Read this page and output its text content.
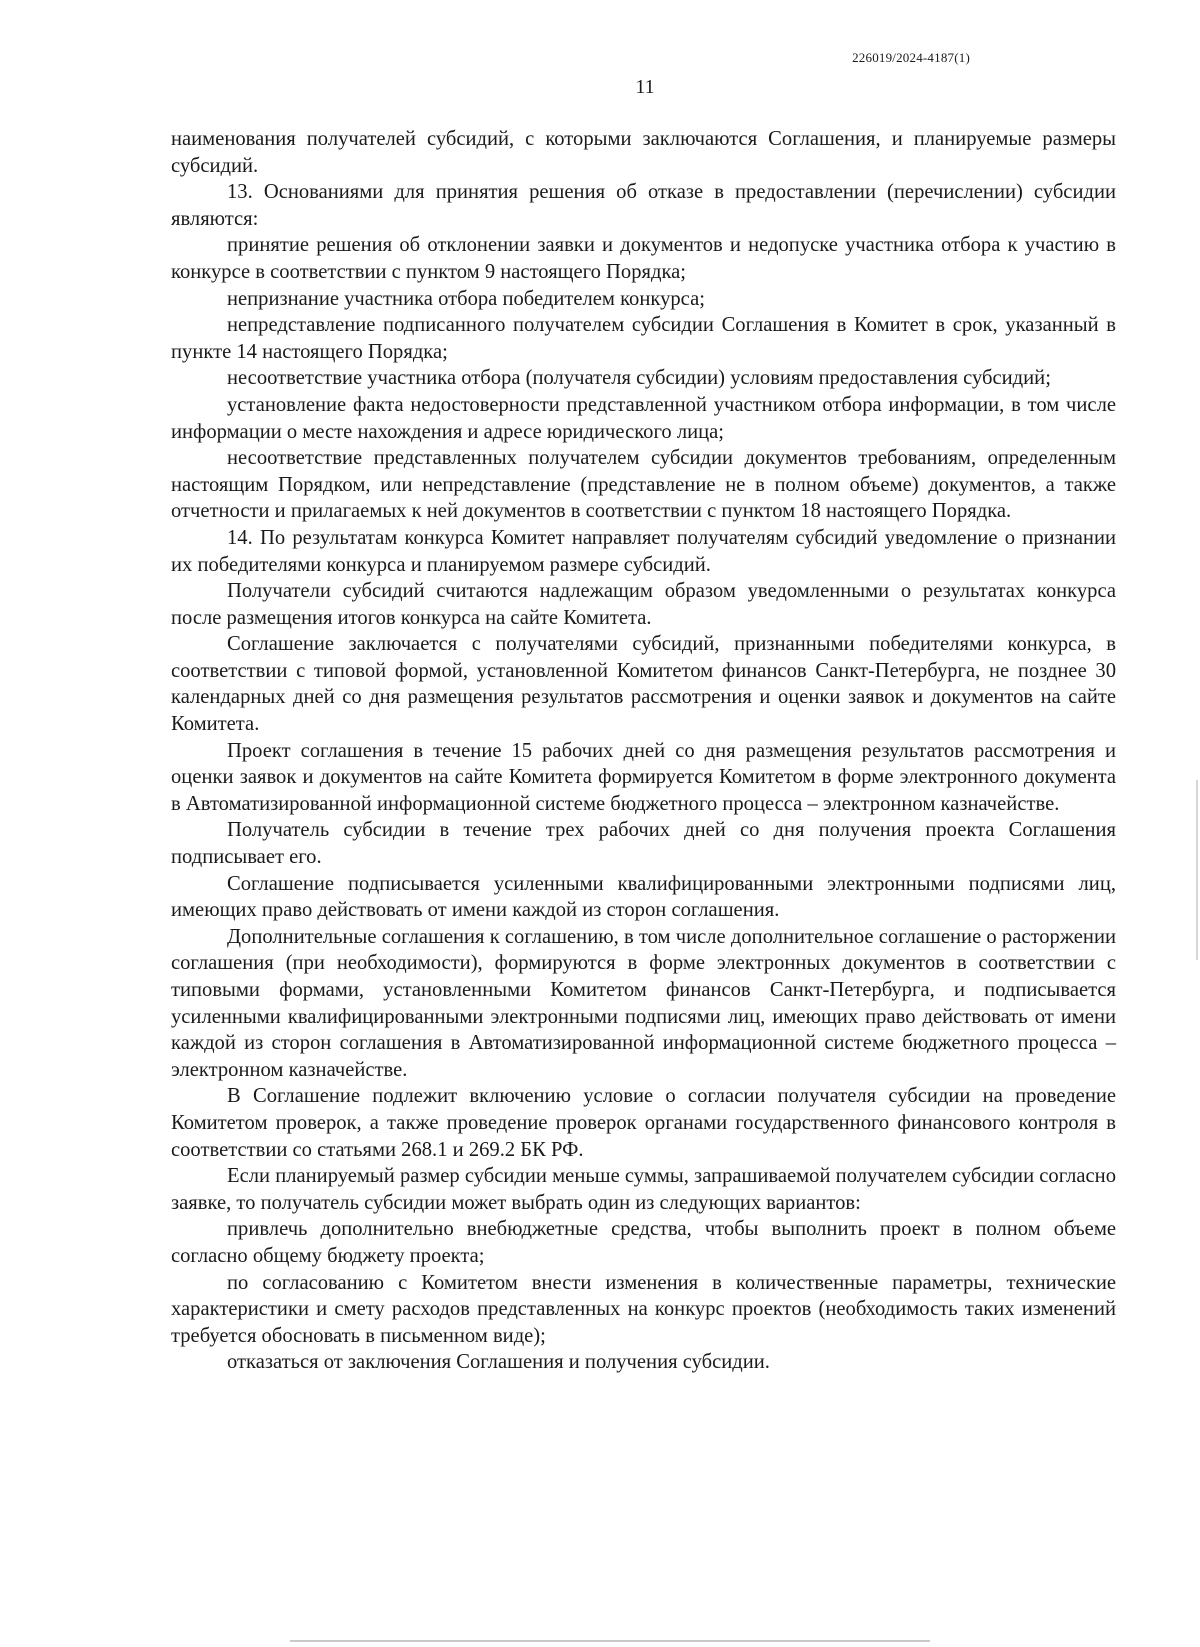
226019/2024-4187(1)
11

наименования получателей субсидий, с которыми заключаются Соглашения, и планируемые размеры субсидий.

13. Основаниями для принятия решения об отказе в предоставлении (перечислении) субсидии являются:

принятие решения об отклонении заявки и документов и недопуске участника отбора к участию в конкурсе в соответствии с пунктом 9 настоящего Порядка;

непризнание участника отбора победителем конкурса;

непредставление подписанного получателем субсидии Соглашения в Комитет в срок, указанный в пункте 14 настоящего Порядка;

несоответствие участника отбора (получателя субсидии) условиям предоставления субсидий;

установление факта недостоверности представленной участником отбора информации, в том числе информации о месте нахождения и адресе юридического лица;

несоответствие представленных получателем субсидии документов требованиям, определенным настоящим Порядком, или непредставление (представление не в полном объеме) документов, а также отчетности и прилагаемых к ней документов в соответствии с пунктом 18 настоящего Порядка.

14. По результатам конкурса Комитет направляет получателям субсидий уведомление о признании их победителями конкурса и планируемом размере субсидий.

Получатели субсидий считаются надлежащим образом уведомленными о результатах конкурса после размещения итогов конкурса на сайте Комитета.

Соглашение заключается с получателями субсидий, признанными победителями конкурса, в соответствии с типовой формой, установленной Комитетом финансов Санкт-Петербурга, не позднее 30 календарных дней со дня размещения результатов рассмотрения и оценки заявок и документов на сайте Комитета.

Проект соглашения в течение 15 рабочих дней со дня размещения результатов рассмотрения и оценки заявок и документов на сайте Комитета формируется Комитетом в форме электронного документа в Автоматизированной информационной системе бюджетного процесса – электронном казначействе.

Получатель субсидии в течение трех рабочих дней со дня получения проекта Соглашения подписывает его.

Соглашение подписывается усиленными квалифицированными электронными подписями лиц, имеющих право действовать от имени каждой из сторон соглашения.

Дополнительные соглашения к соглашению, в том числе дополнительное соглашение о расторжении соглашения (при необходимости), формируются в форме электронных документов в соответствии с типовыми формами, установленными Комитетом финансов Санкт-Петербурга, и подписывается усиленными квалифицированными электронными подписями лиц, имеющих право действовать от имени каждой из сторон соглашения в Автоматизированной информационной системе бюджетного процесса – электронном казначействе.

В Соглашение подлежит включению условие о согласии получателя субсидии на проведение Комитетом проверок, а также проведение проверок органами государственного финансового контроля в соответствии со статьями 268.1 и 269.2 БК РФ.

Если планируемый размер субсидии меньше суммы, запрашиваемой получателем субсидии согласно заявке, то получатель субсидии может выбрать один из следующих вариантов:

привлечь дополнительно внебюджетные средства, чтобы выполнить проект в полном объеме согласно общему бюджету проекта;

по согласованию с Комитетом внести изменения в количественные параметры, технические характеристики и смету расходов представленных на конкурс проектов (необходимость таких изменений требуется обосновать в письменном виде);

отказаться от заключения Соглашения и получения субсидии.
